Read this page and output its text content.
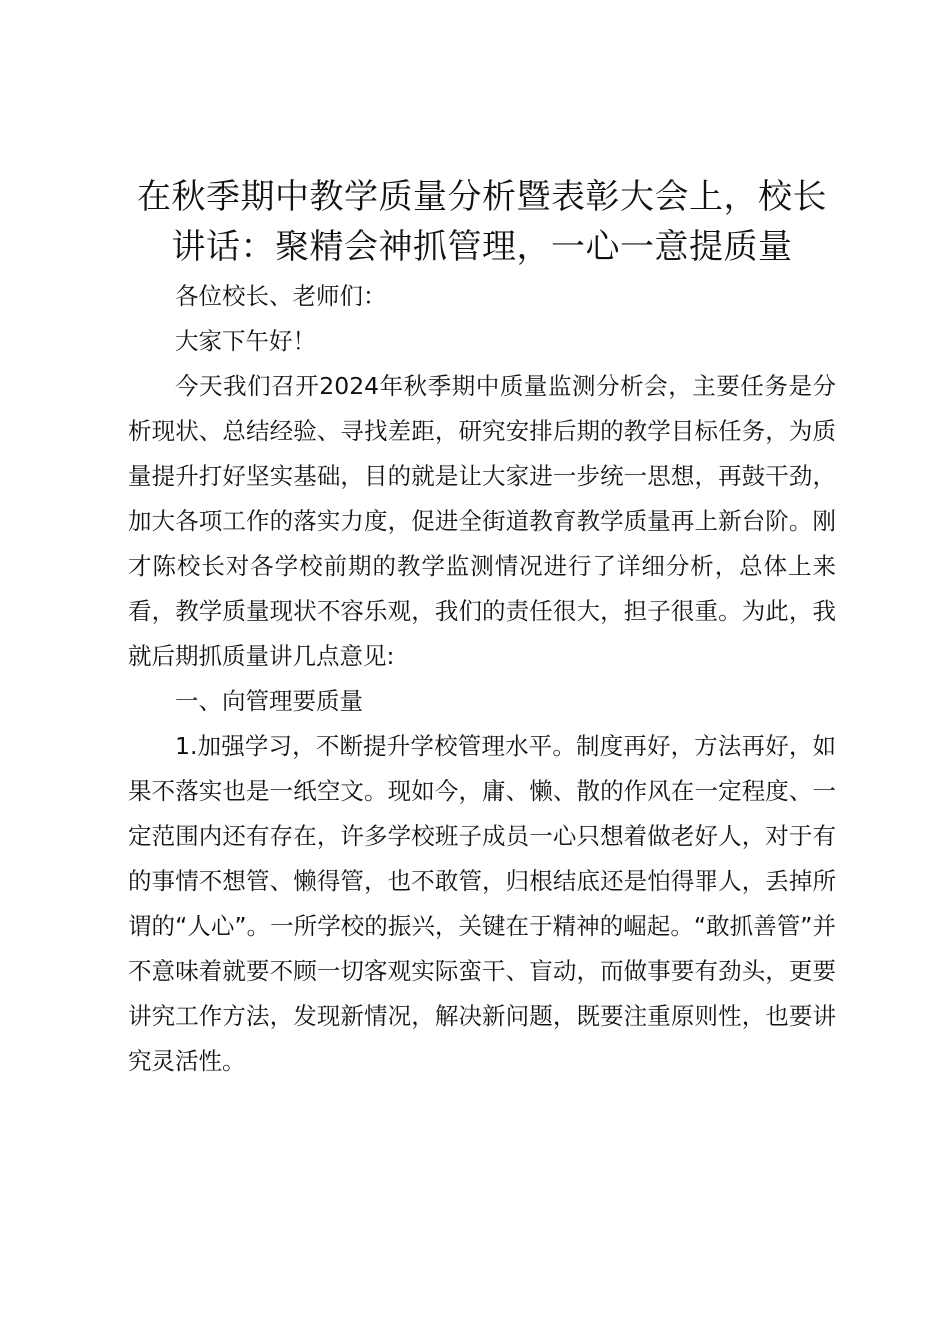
在秋季期中教学质量分析暨表彰大会上，校长讲话：聚精会神抓管理，一心一意提质量

各位校长、老师们：

大家下午好！

今天我们召开2024年秋季期中质量监测分析会，主要任务是分析现状、总结经验、寻找差距，研究安排后期的教学目标任务，为质量提升打好坚实基础，目的就是让大家进一步统一思想，再鼓干劲，加大各项工作的落实力度，促进全街道教育教学质量再上新台阶。刚才陈校长对各学校前期的教学监测情况进行了详细分析，总体上来看，教学质量现状不容乐观，我们的责任很大，担子很重。为此，我就后期抓质量讲几点意见:

一、向管理要质量

1.加强学习，不断提升学校管理水平。制度再好，方法再好，如果不落实也是一纸空文。现如今，庸、懒、散的作风在一定程度、一定范围内还有存在，许多学校班子成员一心只想着做老好人，对于有的事情不想管、懒得管，也不敢管，归根结底还是怕得罪人，丢掉所谓的“人心”。一所学校的振兴，关键在于精神的崛起。“敢抓善管”并不意味着就要不顾一切客观实际蛮干、盲动，而做事要有劲头，更要讲究工作方法，发现新情况，解决新问题，既要注重原则性，也要讲究灵活性。
